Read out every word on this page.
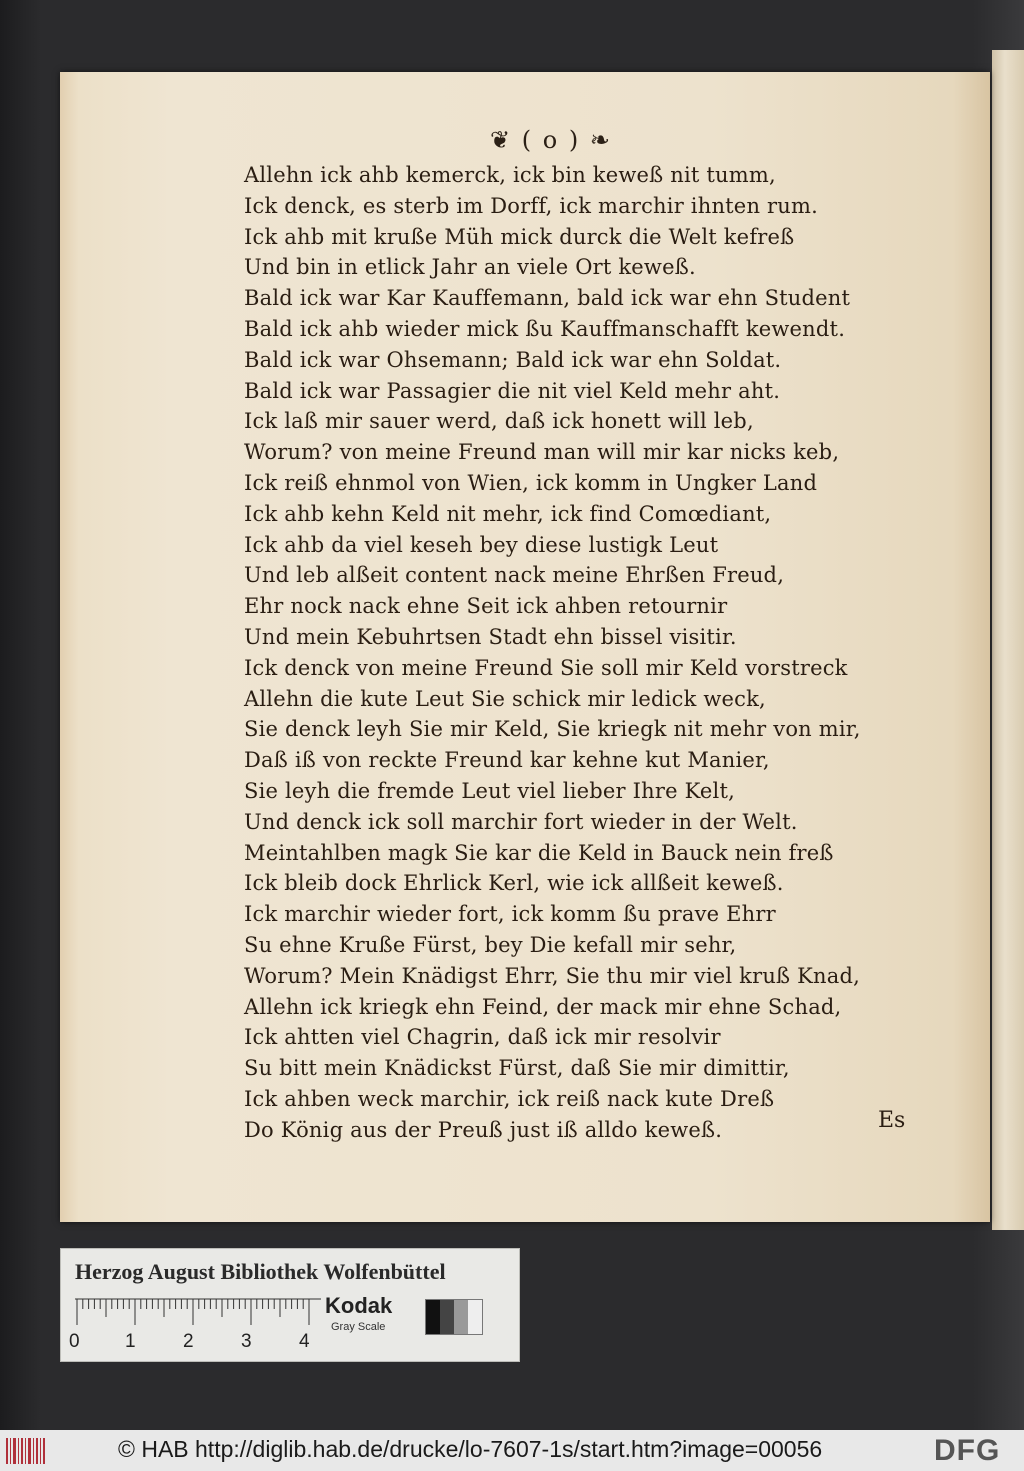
❦ ( o ) ❧
Allehn ick ahb kemerck, ick bin keweß nit tumm,
Ick denck, es sterb im Dorff, ick marchir ihnten rum.
Ick ahb mit kruße Müh mick durck die Welt kefreß
Und bin in etlick Jahr an viele Ort keweß.
Bald ick war Kar Kauffemann, bald ick war ehn Student
Bald ick ahb wieder mick ßu Kauffmanschafft kewendt.
Bald ick war Ohsemann; Bald ick war ehn Soldat.
Bald ick war Passagier die nit viel Keld mehr aht.
Ick laß mir sauer werd, daß ick honett will leb,
Worum? von meine Freund man will mir kar nicks keb,
Ick reiß ehnmol von Wien, ick komm in Ungker Land
Ick ahb kehn Keld nit mehr, ick find Comœdiant,
Ick ahb da viel keseh bey diese lustigk Leut
Und leb alßeit content nack meine Ehrßen Freud,
Ehr nock nack ehne Seit ick ahben retournir
Und mein Kebuhrtsen Stadt ehn bissel visitir.
Ick denck von meine Freund Sie soll mir Keld vorstreck
Allehn die kute Leut Sie schick mir ledick weck,
Sie denck leyh Sie mir Keld, Sie kriegk nit mehr von mir,
Daß iß von reckte Freund kar kehne kut Manier,
Sie leyh die fremde Leut viel lieber Ihre Kelt,
Und denck ick soll marchir fort wieder in der Welt.
Meintahlben magk Sie kar die Keld in Bauck nein freß
Ick bleib dock Ehrlick Kerl, wie ick allßeit keweß.
Ick marchir wieder fort, ick komm ßu prave Ehrr
Su ehne Kruße Fürst, bey Die kefall mir sehr,
Worum? Mein Knädigst Ehrr, Sie thu mir viel kruß Knad,
Allehn ick kriegk ehn Feind, der mack mir ehne Schad,
Ick ahtten viel Chagrin, daß ick mir resolvir
Su bitt mein Knädickst Fürst, daß Sie mir dimittir,
Ick ahben weck marchir, ick reiß nack kute Dreß
Do König aus der Preuß just iß alldo keweß.	Es
Herzog August Bibliothek Wolfenbüttel
0 1 2 3 4
Kodak
Gray Scale
© HAB http://diglib.hab.de/drucke/lo-7607-1s/start.htm?image=00056	DFG
